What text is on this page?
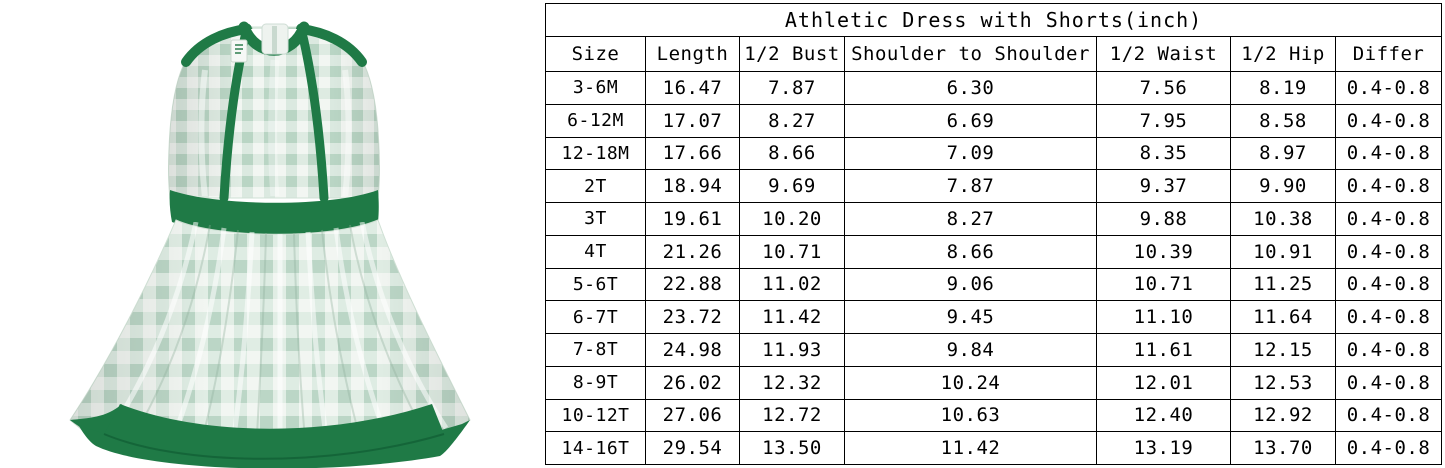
Athletic Dress with Shorts(inch)						
Size	Length	1/2 Bust	Shoulder to Shoulder	1/2 Waist	1/2 Hip	Differ
3-6M	16.47	7.87	6.30	7.56	8.19	0.4-0.8
6-12M	17.07	8.27	6.69	7.95	8.58	0.4-0.8
12-18M	17.66	8.66	7.09	8.35	8.97	0.4-0.8
2T	18.94	9.69	7.87	9.37	9.90	0.4-0.8
3T	19.61	10.20	8.27	9.88	10.38	0.4-0.8
4T	21.26	10.71	8.66	10.39	10.91	0.4-0.8
5-6T	22.88	11.02	9.06	10.71	11.25	0.4-0.8
6-7T	23.72	11.42	9.45	11.10	11.64	0.4-0.8
7-8T	24.98	11.93	9.84	11.61	12.15	0.4-0.8
8-9T	26.02	12.32	10.24	12.01	12.53	0.4-0.8
10-12T	27.06	12.72	10.63	12.40	12.92	0.4-0.8
14-16T	29.54	13.50	11.42	13.19	13.70	0.4-0.8
